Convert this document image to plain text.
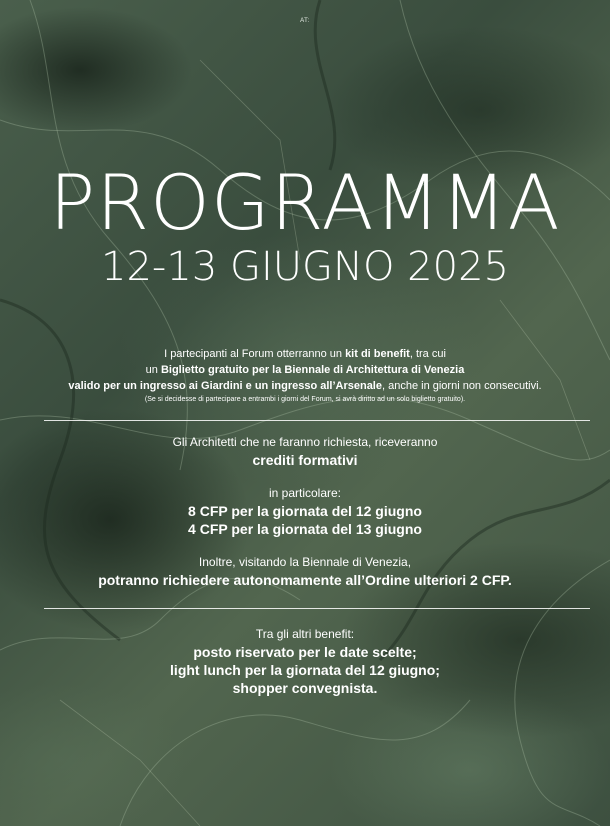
AT:
PROGRAMMA
12-13 GIUGNO 2025
I partecipanti al Forum otterranno un kit di benefit, tra cui
un Biglietto gratuito per la Biennale di Architettura di Venezia
valido per un ingresso ai Giardini e un ingresso all’Arsenale, anche in giorni non consecutivi.
(Se si decidesse di partecipare a entrambi i giorni del Forum, si avrà diritto ad un solo biglietto gratuito).
Gli Architetti che ne faranno richiesta, riceveranno
crediti formativi
in particolare:
8 CFP per la giornata del 12 giugno
4 CFP per la giornata del 13 giugno
Inoltre, visitando la Biennale di Venezia,
potranno richiedere autonomamente all’Ordine ulteriori 2 CFP.
Tra gli altri benefit:
posto riservato per le date scelte;
light lunch per la giornata del 12 giugno;
shopper convegnista.
